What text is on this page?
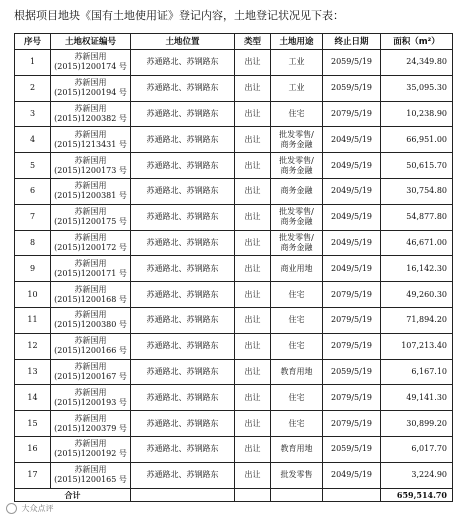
根据项目地块《国有土地使用证》登记内容，土地登记状况见下表：
序号	土地权证编号	土地位置	类型	土地用途	终止日期	面积（m²）
1	苏新国用
(2015)1200174 号	苏通路北、苏钢路东	出让	工业	2059/5/19	24,349.80
2	苏新国用
(2015)1200194 号	苏通路北、苏钢路东	出让	工业	2059/5/19	35,095.30
3	苏新国用
(2015)1200382 号	苏通路北、苏钢路东	出让	住宅	2079/5/19	10,238.90
4	苏新国用
(2015)1213431 号	苏通路北、苏钢路东	出让	批发零售/
商务金融	2049/5/19	66,951.00
5	苏新国用
(2015)1200173 号	苏通路北、苏钢路东	出让	批发零售/
商务金融	2049/5/19	50,615.70
6	苏新国用
(2015)1200381 号	苏通路北、苏钢路东	出让	商务金融	2049/5/19	30,754.80
7	苏新国用
(2015)1200175 号	苏通路北、苏钢路东	出让	批发零售/
商务金融	2049/5/19	54,877.80
8	苏新国用
(2015)1200172 号	苏通路北、苏钢路东	出让	批发零售/
商务金融	2049/5/19	46,671.00
9	苏新国用
(2015)1200171 号	苏通路北、苏钢路东	出让	商业用地	2049/5/19	16,142.30
10	苏新国用
(2015)1200168 号	苏通路北、苏钢路东	出让	住宅	2079/5/19	49,260.30
11	苏新国用
(2015)1200380 号	苏通路北、苏钢路东	出让	住宅	2079/5/19	71,894.20
12	苏新国用
(2015)1200166 号	苏通路北、苏钢路东	出让	住宅	2079/5/19	107,213.40
13	苏新国用
(2015)1200167 号	苏通路北、苏钢路东	出让	教育用地	2059/5/19	6,167.10
14	苏新国用
(2015)1200193 号	苏通路北、苏钢路东	出让	住宅	2079/5/19	49,141.30
15	苏新国用
(2015)1200379 号	苏通路北、苏钢路东	出让	住宅	2079/5/19	30,899.20
16	苏新国用
(2015)1200192 号	苏通路北、苏钢路东	出让	教育用地	2059/5/19	6,017.70
17	苏新国用
(2015)1200165 号	苏通路北、苏钢路东	出让	批发零售	2049/5/19	3,224.90
合计						659,514.70
大众点评
